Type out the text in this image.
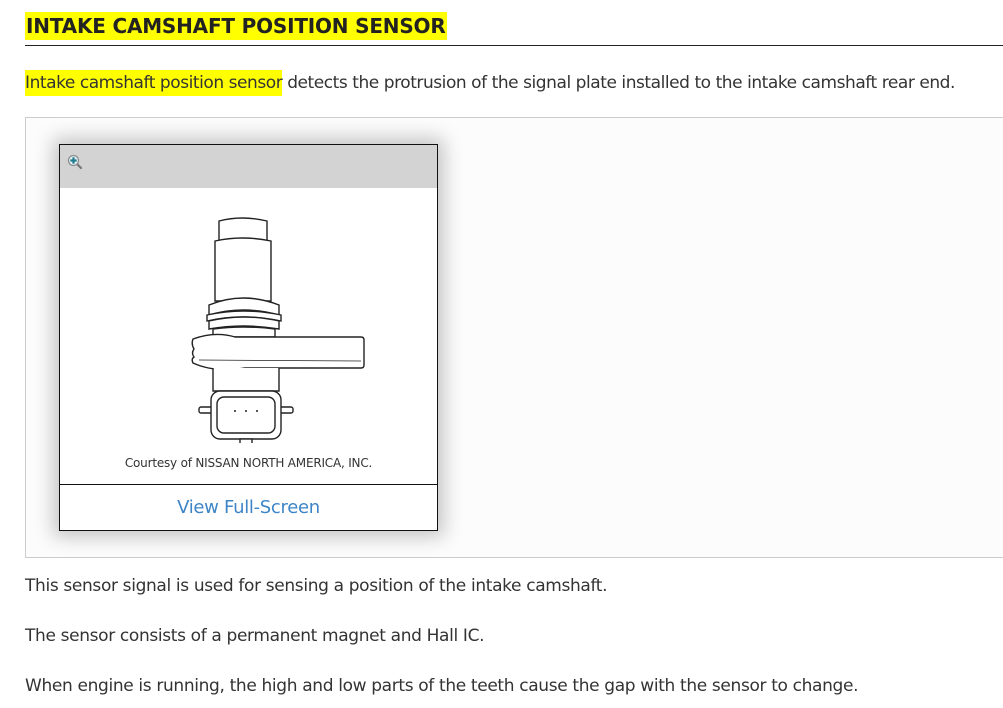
INTAKE CAMSHAFT POSITION SENSOR

Intake camshaft position sensor detects the protrusion of the signal plate installed to the intake camshaft rear end.

Courtesy of NISSAN NORTH AMERICA, INC.
View Full-Screen

This sensor signal is used for sensing a position of the intake camshaft.

The sensor consists of a permanent magnet and Hall IC.

When engine is running, the high and low parts of the teeth cause the gap with the sensor to change.
